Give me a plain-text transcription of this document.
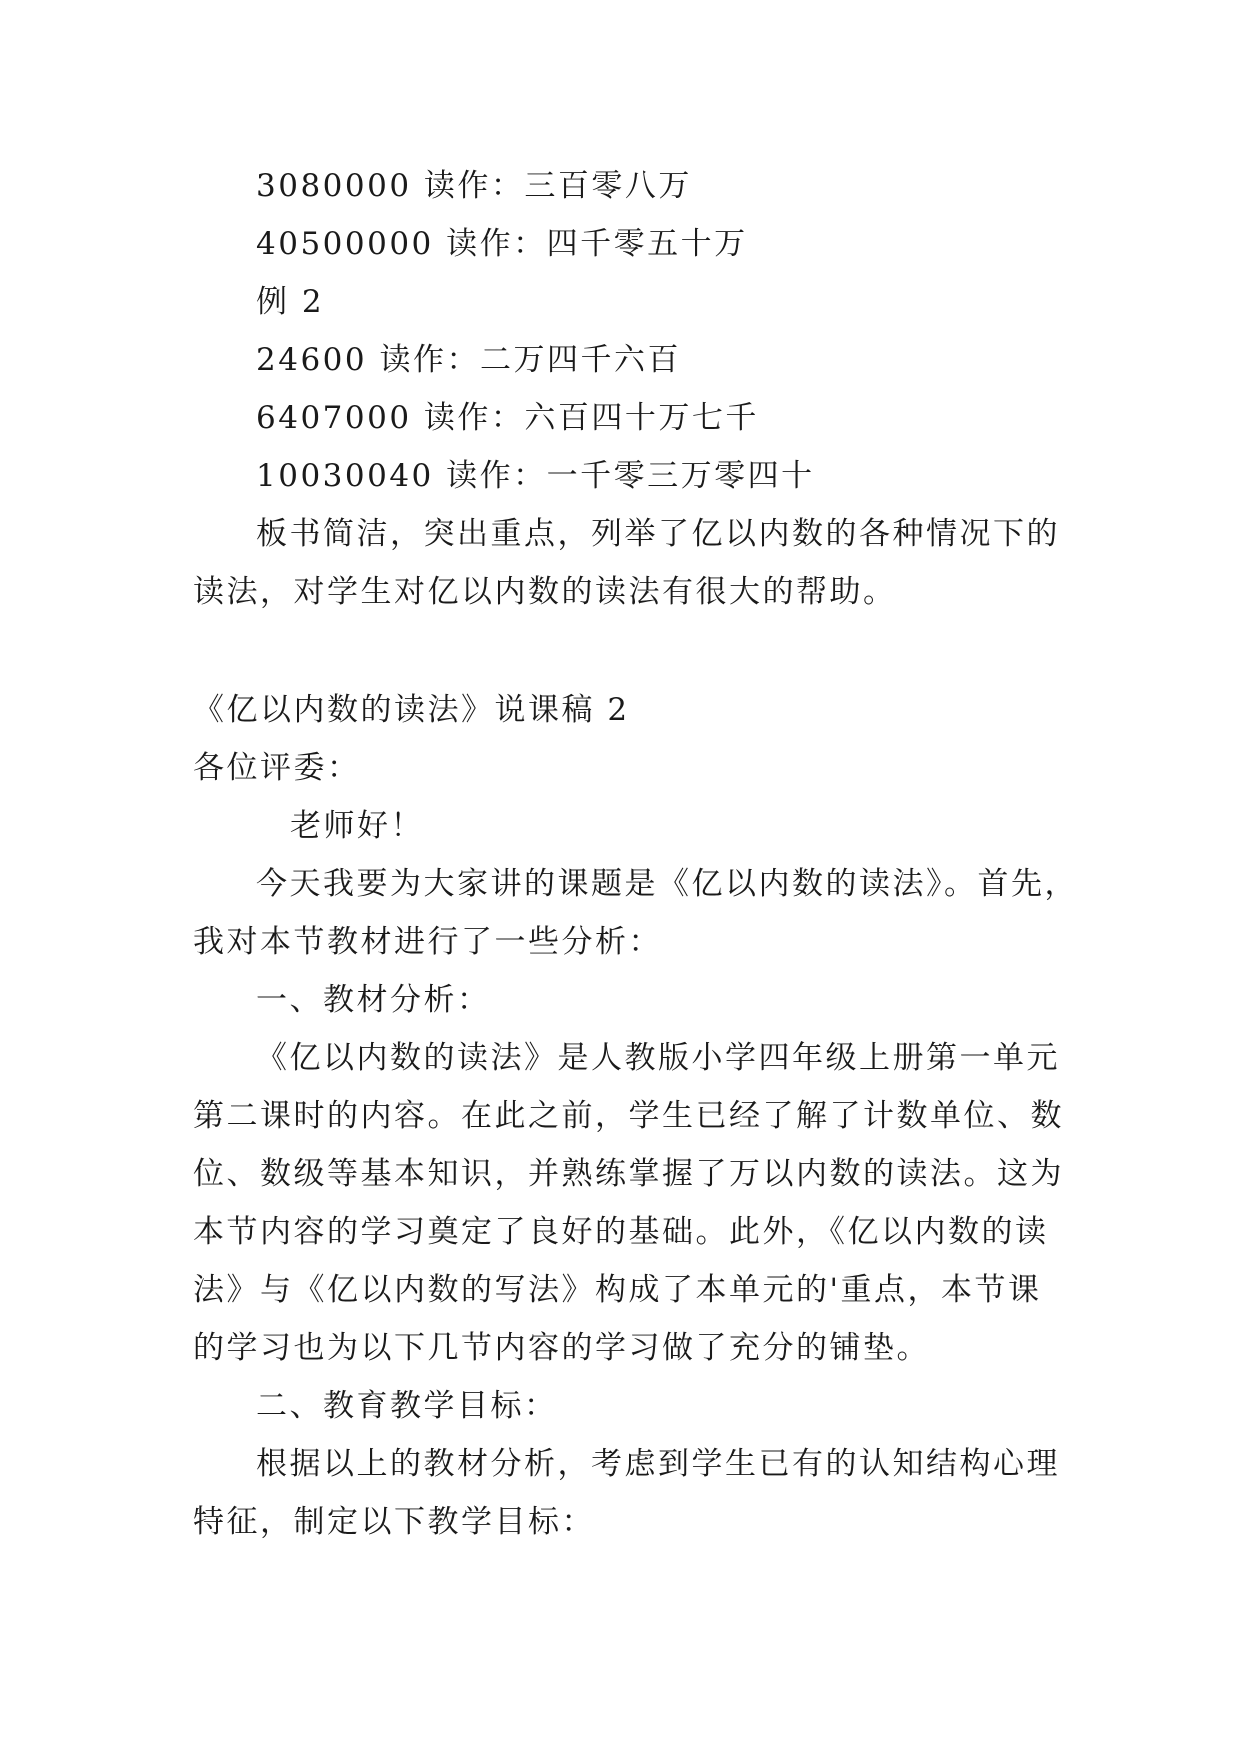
3080000 读作：三百零八万
40500000 读作：四千零五十万
例 2
24600 读作：二万四千六百
6407000 读作：六百四十万七千
10030040 读作：一千零三万零四十
板书简洁，突出重点，列举了亿以内数的各种情况下的
读法，对学生对亿以内数的读法有很大的帮助。
《亿以内数的读法》说课稿 2
各位评委：
老师好！
今天我要为大家讲的课题是《亿以内数的读法》。首先，
我对本节教材进行了一些分析：
一、教材分析：
《亿以内数的读法》是人教版小学四年级上册第一单元
第二课时的内容。在此之前，学生已经了解了计数单位、数
位、数级等基本知识，并熟练掌握了万以内数的读法。这为
本节内容的学习奠定了良好的基础。此外，《亿以内数的读
法》与《亿以内数的写法》构成了本单元的'重点，本节课
的学习也为以下几节内容的学习做了充分的铺垫。
二、教育教学目标：
根据以上的教材分析，考虑到学生已有的认知结构心理
特征，制定以下教学目标：
